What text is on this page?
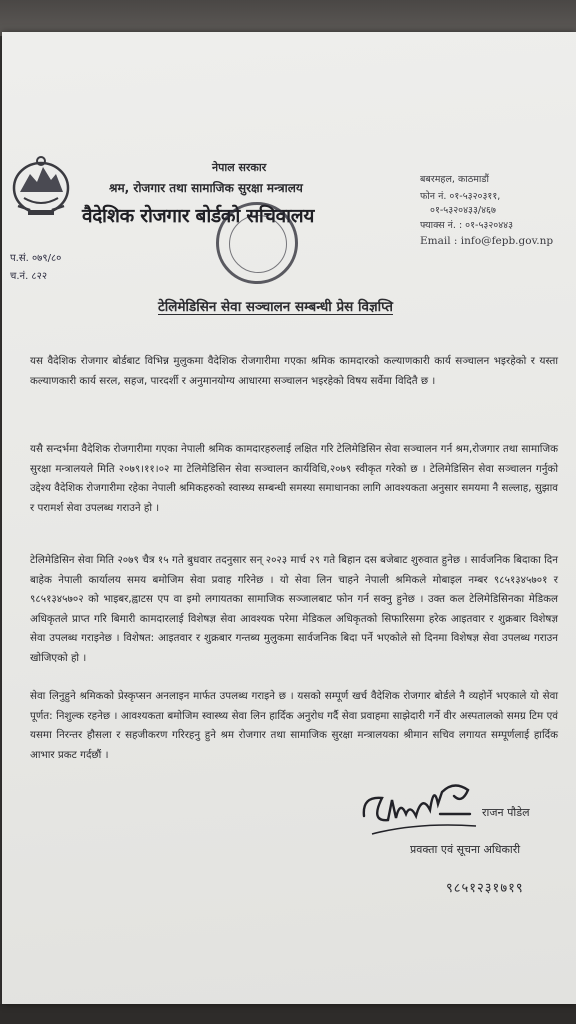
नेपाल सरकार
श्रम, रोजगार तथा सामाजिक सुरक्षा मन्त्रालय
वैदेशिक रोजगार बोर्डको सचिवालय
बबरमहल, काठमाडौं
फोन नं. ०१-५३२०३११,
०१-५३२०४३३/४६७
फ्याक्स नं. : ०१-५३२०४४३
Email : info@fepb.gov.np
प.सं. ०७९/८०
च.नं. ८२२
टेलिमेडिसिन सेवा सञ्चालन सम्बन्धी प्रेस विज्ञप्ति
यस वैदेशिक रोजगार बोर्डबाट विभिन्न मुलुकमा वैदेशिक रोजगारीमा गएका श्रमिक कामदारको कल्याणकारी कार्य सञ्चालन भइरहेको र यस्ता कल्याणकारी कार्य सरल, सहज, पारदर्शी र अनुमानयोग्य आधारमा सञ्चालन भइरहेको विषय सर्वेमा विदितै छ ।
यसै सन्दर्भमा वैदेशिक रोजगारीमा गएका नेपाली श्रमिक कामदारहरुलाई लक्षित गरि टेलिमेडिसिन सेवा सञ्चालन गर्न श्रम,रोजगार तथा सामाजिक सुरक्षा मन्त्रालयले मिति २०७९।११।०२ मा टेलिमेडिसिन सेवा सञ्चालन कार्यविधि,२०७९ स्वीकृत गरेको छ । टेलिमेडिसिन सेवा सञ्चालन गर्नुको उद्देश्य वैदेशिक रोजगारीमा रहेका नेपाली श्रमिकहरुको स्वास्थ्य सम्बन्धी समस्या समाधानका लागि आवश्यकता अनुसार समयमा नै सल्लाह, सुझाव र परामर्श सेवा उपलब्ध गराउने हो ।
टेलिमेडिसिन सेवा मिति २०७९ चैत्र १५ गते बुधवार तदनुसार सन् २०२३ मार्च २९ गते बिहान दस बजेबाट शुरुवात हुनेछ । सार्वजनिक बिदाका दिन बाहेक नेपाली कार्यालय समय बमोजिम सेवा प्रवाह गरिनेछ । यो सेवा लिन चाहने नेपाली श्रमिकले मोबाइल नम्बर ९८५१३४५७०१ र ९८५१३४५७०२ को भाइबर,ह्वाटस एप वा इमो लगायतका सामाजिक सञ्जालबाट फोन गर्न सक्नु हुनेछ । उक्त कल टेलिमेडिसिनका मेडिकल अधिकृतले प्राप्त गरि बिमारी कामदारलाई विशेषज्ञ सेवा आवश्यक परेमा मेडिकल अधिकृतको सिफारिसमा हरेक आइतवार र शुक्रबार विशेषज्ञ सेवा उपलब्ध गराइनेछ । विशेषत: आइतवार र शुक्रबार गन्तब्य मुलुकमा सार्वजनिक बिदा पर्ने भएकोले सो दिनमा विशेषज्ञ सेवा उपलब्ध गराउन खोजिएको हो ।
सेवा लिनुहुने श्रमिकको प्रेस्कृप्सन अनलाइन मार्फत उपलब्ध गराइने छ । यसको सम्पूर्ण खर्च वैदेशिक रोजगार बोर्डले नै व्यहोर्ने भएकाले यो सेवा पूर्णत: निशुल्क रहनेछ । आवश्यकता बमोजिम स्वास्थ्य सेवा लिन हार्दिक अनुरोध गर्दै सेवा प्रवाहमा साझेदारी गर्ने वीर अस्पतालको समग्र टिम एवं यसमा निरन्तर हौसला र सहजीकरण गरिरहनु हुने श्रम रोजगार तथा सामाजिक सुरक्षा मन्त्रालयका श्रीमान सचिव लगायत सम्पूर्णलाई हार्दिक आभार प्रकट गर्दछौं ।
राजन पौडेल
प्रवक्ता एवं सूचना अधिकारी
९८५१२३१७१९
